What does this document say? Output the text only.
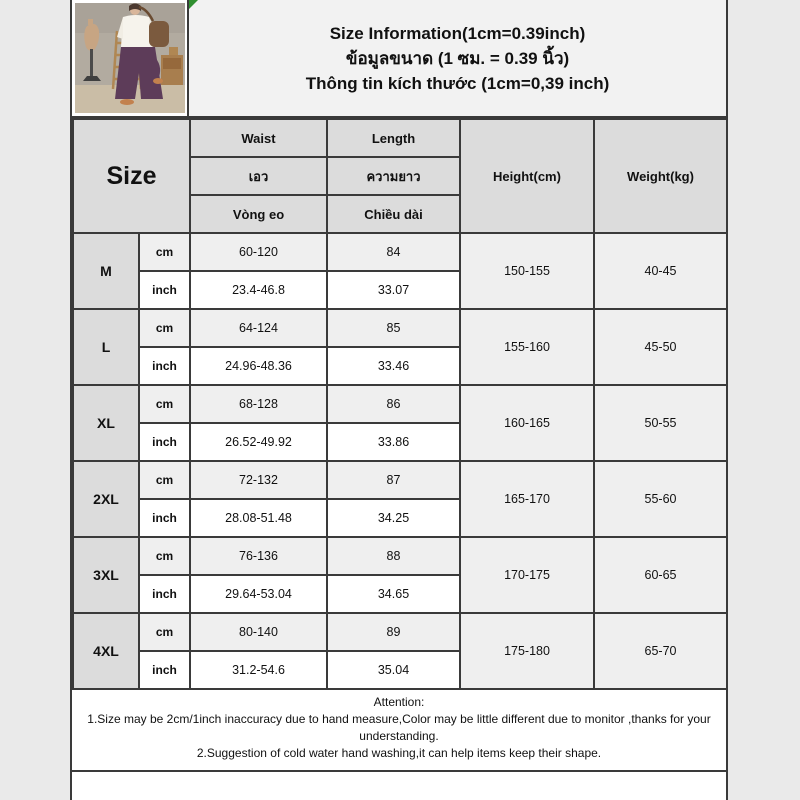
Size Information(1cm=0.39inch)
ข้อมูลขนาด (1 ซม. = 0.39 นิ้ว)
Thông tin kích thước (1cm=0,39 inch)
Size		Waist	Length	Height(cm)	Weight(kg)
		เอว	ความยาว		
		Vòng eo	Chiều dài		
M	cm	60-120	84	150-155	40-45
	inch	23.4-46.8	33.07		
L	cm	64-124	85	155-160	45-50
	inch	24.96-48.36	33.46		
XL	cm	68-128	86	160-165	50-55
	inch	26.52-49.92	33.86		
2XL	cm	72-132	87	165-170	55-60
	inch	28.08-51.48	34.25		
3XL	cm	76-136	88	170-175	60-65
	inch	29.64-53.04	34.65		
4XL	cm	80-140	89	175-180	65-70
	inch	31.2-54.6	35.04		
Attention:
1.Size may be 2cm/1inch inaccuracy due to hand measure,Color may be little different due to monitor ,thanks for your understanding.
2.Suggestion of cold water hand washing,it can help items keep their shape.
